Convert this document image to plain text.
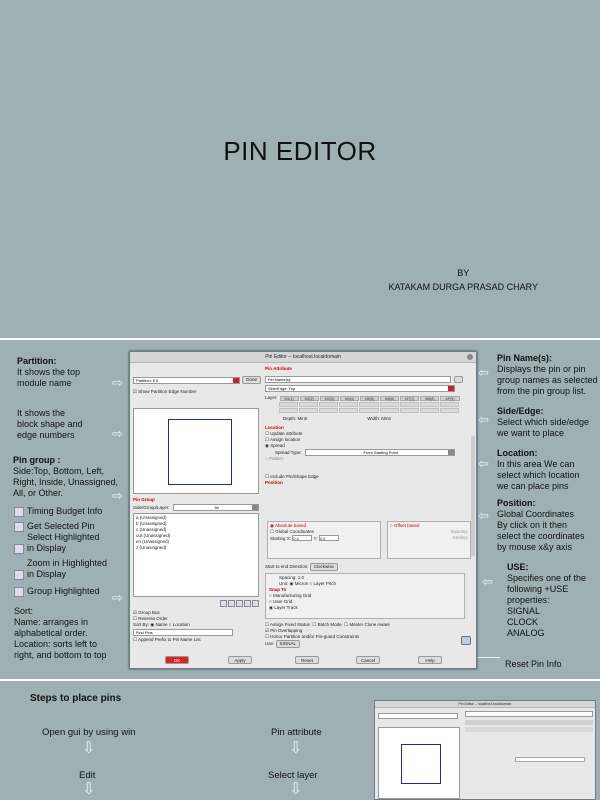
PIN EDITOR
BY
KATAKAM DURGA PRASAD CHARY
Partition:
It shows the top
module name	⇨
It shows the
block shape and
edge numbers	⇨
Pin group :
Side:Top, Bottom, Left,
Right, Inside, Unassigned,
All, or Other.	⇨
Timing Budget Info
Get Selected Pin
Select Highlighted
in Display
Zoom in Highlighted
in Display
Group Highlighted ⇨
Sort:
Name: arranges in
alphabetical order.
Location: sorts left to
right, and bottom to top
⇦
Pin Name(s):
Displays the pin or pin
group names as selected
from the pin group list.
⇦
Side/Edge:
Select which side/edge
we want to place
⇦
Location:
In this area We can
select which location
we can place pins
⇦
Position:
Global Coordinates
By click on it then
select the coordinates
by mouse x&y axis
⇦
USE:
Specifies one of the
following +USE
properties:
SIGNAL
CLOCK
ANALOG
Reset Pin Info
Pin Editor -- localhost.localdomain
Partition: EX	Done
☑ Show Partition Edge Number
Pin Group
Side/Group/Layer:	All
a (Unassigned)
b (Unassigned)
c (Unassigned)
out (Unassigned)
en (Unassigned)
z (Unassigned)
☑ Group Bus
☐ Reverse Order
Sort By: ◉ Name ○ Location
Find Pins
☐ Append Prefix to Pin Name List
Pin Attribute
Pin Name(s):
Side/Edge: Top
Layer:	M1(1)	M2(2)	M3(3)	M4(4)	M5(5)	M6(6)	M7(7)	M8(8)	AP(9)
Depth: Min0	Width: Min0
Location
☐ Update attribute
☐ Assign location
◉ Spread
Spread Type:	From Starting Point
○ Pattern
☐ Include Pin/Shape Edge
Position
◉ Absolute based
☐ Global Coordinates
Starting X: 0.0	Y: 0.0
○ Offset based
Spacing:
Ending:
Start to end Direction: Clockwise
Spacing: 1.0
Unit: ◉ Micron ○ Layer Pitch
Snap To
○ Manufacturing Grid
○ User Grid
◉ Layer Track
☐ Assign Fixed Status  ☐ Batch Mode  ☐ Master Clone Aware
☑ Pin Overlapping
☐ Honor Partition and/or Pin-guard Constraints
Use: SIGNAL
OK	Apply	Reset	Cancel	Help
Steps to place pins
Open gui by using win
⇩
Edit
⇩
Pin attribute
⇩
Select layer
⇩
Pin Editor -- localhost.localdomain
